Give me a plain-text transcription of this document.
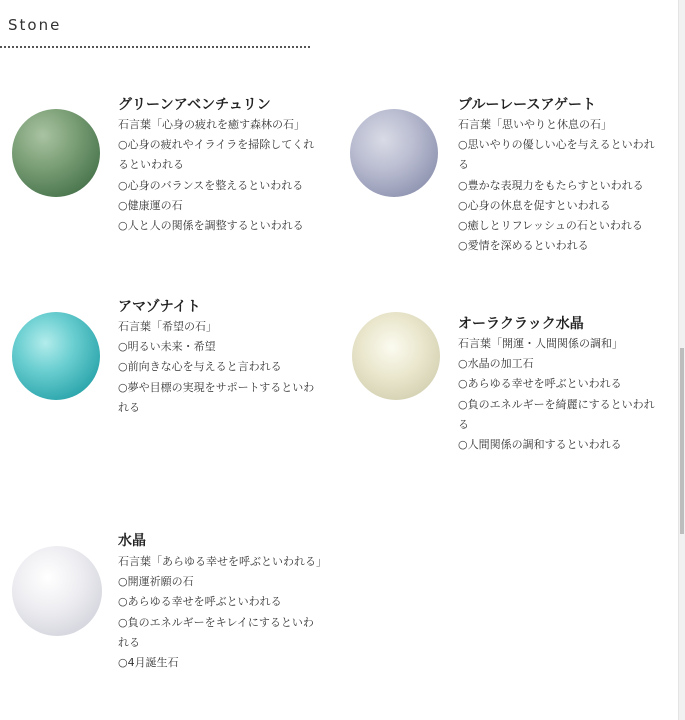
Stone
グリーンアベンチュリン
石言葉「心身の疲れを癒す森林の石」
○心身の疲れやイライラを掃除してくれ
るといわれる
○心身のバランスを整えるといわれる
○健康運の石
○人と人の関係を調整するといわれる
ブルーレースアゲート
石言葉「思いやりと休息の石」
○思いやりの優しい心を与えるといわれ
る
○豊かな表現力をもたらすといわれる
○心身の休息を促すといわれる
○癒しとリフレッシュの石といわれる
○愛情を深めるといわれる
アマゾナイト
石言葉「希望の石」
○明るい未来・希望
○前向きな心を与えると言われる
○夢や目標の実現をサポートするといわ
れる
オーラクラック水晶
石言葉「開運・人間関係の調和」
○水晶の加工石
○あらゆる幸せを呼ぶといわれる
○負のエネルギーを綺麗にするといわれ
る
○人間関係の調和するといわれる
水晶
石言葉「あらゆる幸せを呼ぶといわれる」
○開運祈願の石
○あらゆる幸せを呼ぶといわれる
○負のエネルギーをキレイにするといわ
れる
○4月誕生石
